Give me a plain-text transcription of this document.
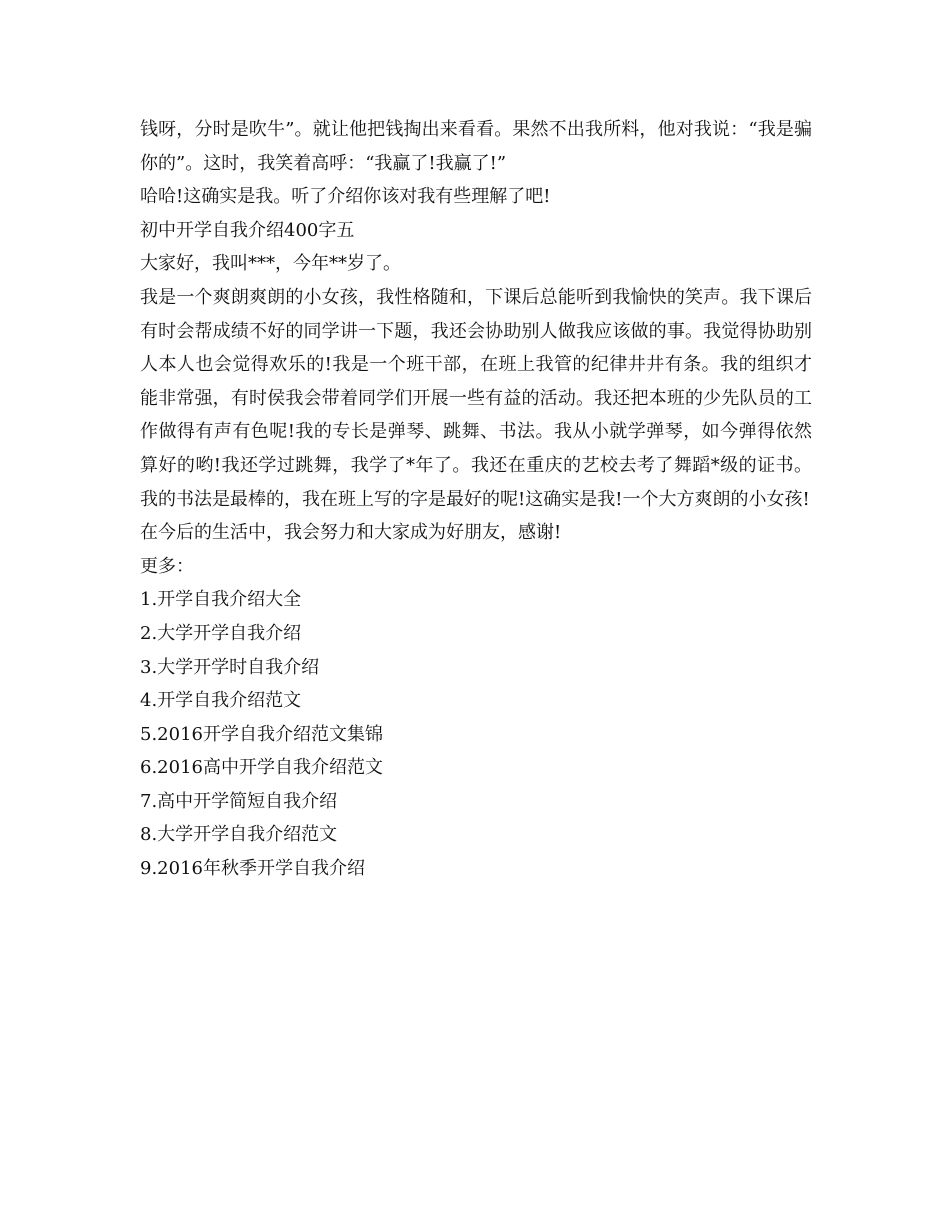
钱呀，分时是吹牛”。就让他把钱掏出来看看。果然不出我所料，他对我说：“我是骗你的”。这时，我笑着高呼：“我赢了!我赢了!”

哈哈!这确实是我。听了介绍你该对我有些理解了吧!

初中开学自我介绍400字五

大家好，我叫***，今年**岁了。

我是一个爽朗爽朗的小女孩，我性格随和，下课后总能听到我愉快的笑声。我下课后有时会帮成绩不好的同学讲一下题，我还会协助别人做我应该做的事。我觉得协助别人本人也会觉得欢乐的!我是一个班干部，在班上我管的纪律井井有条。我的组织才能非常强，有时侯我会带着同学们开展一些有益的活动。我还把本班的少先队员的工作做得有声有色呢!我的专长是弹琴、跳舞、书法。我从小就学弹琴，如今弹得依然算好的哟!我还学过跳舞，我学了*年了。我还在重庆的艺校去考了舞蹈*级的证书。我的书法是最棒的，我在班上写的字是最好的呢!这确实是我!一个大方爽朗的小女孩!

在今后的生活中，我会努力和大家成为好朋友，感谢!

更多：

1.开学自我介绍大全
2.大学开学自我介绍
3.大学开学时自我介绍
4.开学自我介绍范文
5.2016开学自我介绍范文集锦
6.2016高中开学自我介绍范文
7.高中开学简短自我介绍
8.大学开学自我介绍范文
9.2016年秋季开学自我介绍
